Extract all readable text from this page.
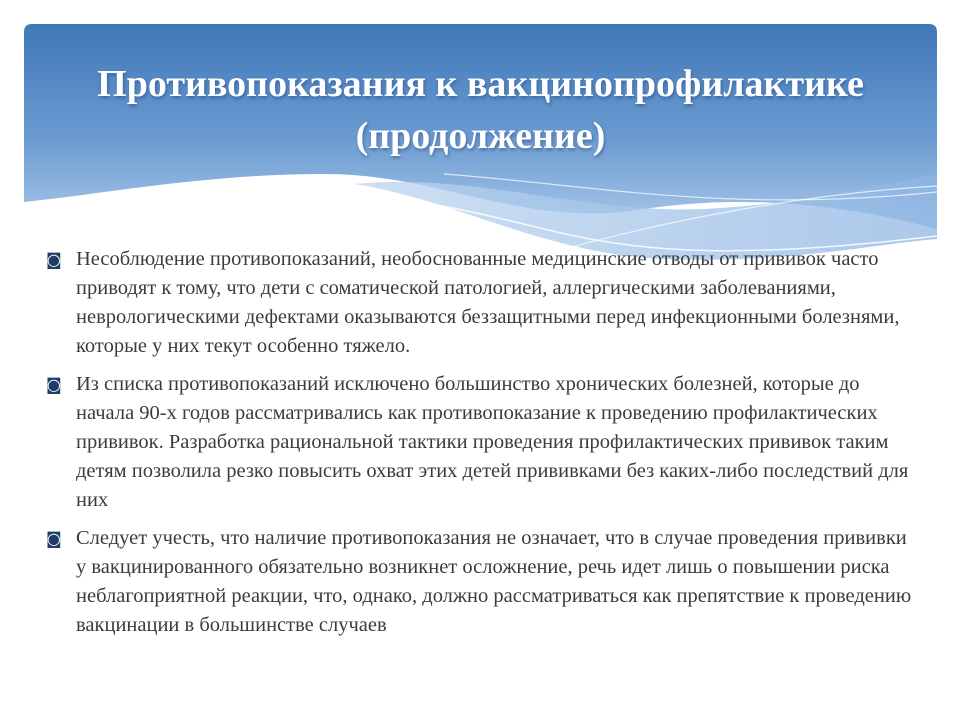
Противопоказания к вакцинопрофилактике
(продолжение)
◙ Несоблюдение противопоказаний, необоснованные медицинские отводы от прививок часто приводят к тому, что дети с соматической патологией, аллергическими заболеваниями, неврологическими дефектами оказываются беззащитными перед инфекционными болезнями, которые у них текут особенно тяжело.
◙ Из списка противопоказаний исключено большинство хронических болезней, которые до начала 90-х годов рассматривались как противопоказание к проведению профилактических прививок. Разработка рациональной тактики проведения профилактических прививок таким детям позволила резко повысить охват этих детей прививками без каких-либо последствий для них
◙ Следует учесть, что наличие противопоказания не означает, что в случае проведения прививки у вакцинированного обязательно возникнет осложнение, речь идет лишь о повышении риска неблагоприятной реакции, что, однако, должно рассматриваться как препятствие к проведению вакцинации в большинстве случаев
